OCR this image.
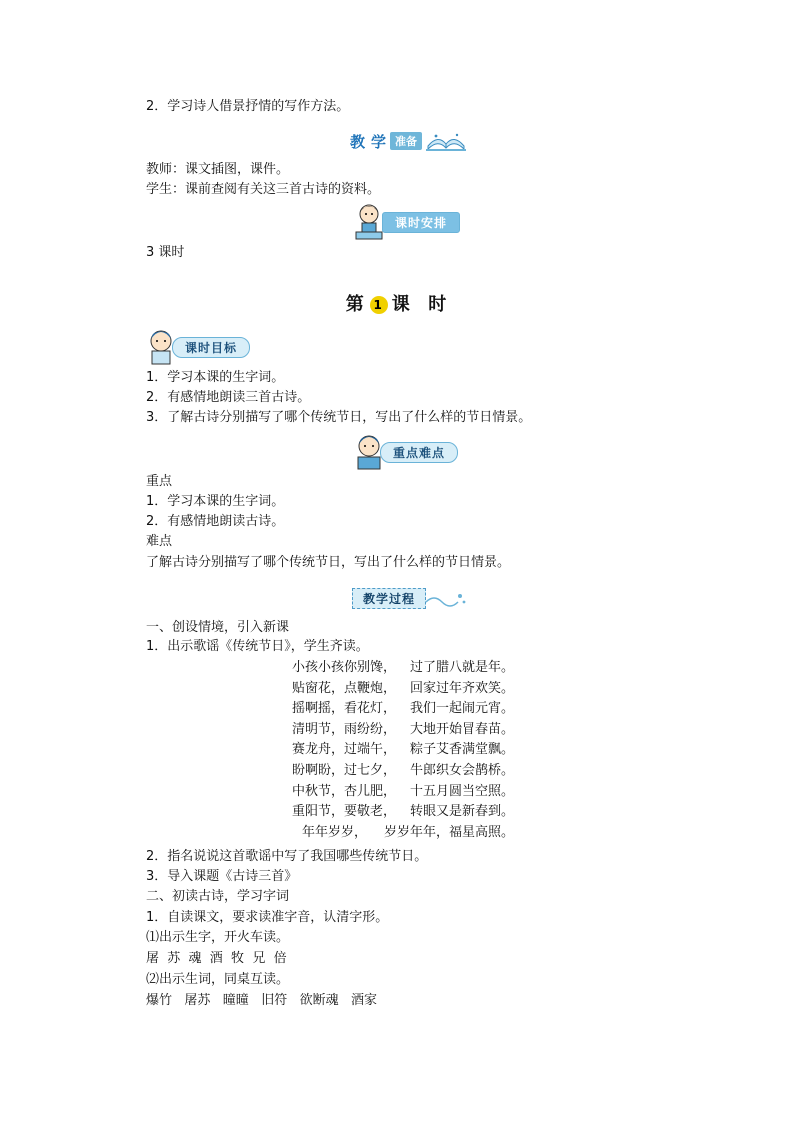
2．学习诗人借景抒情的写作方法。
教 学 准备
教师：课文插图，课件。
学生：课前查阅有关这三首古诗的资料。
课时安排
3 课时
第 1 课  时
课时目标
1．学习本课的生字词。
2．有感情地朗读三首古诗。
3．了解古诗分别描写了哪个传统节日，写出了什么样的节日情景。
重点难点
重点
1．学习本课的生字词。
2．有感情地朗读古诗。
难点
了解古诗分别描写了哪个传统节日，写出了什么样的节日情景。
教学过程
一、创设情境，引入新课
1．出示歌谣《传统节日》，学生齐读。
小孩小孩你别馋， 过了腊八就是年。
贴窗花，点鞭炮， 回家过年齐欢笑。
摇啊摇，看花灯， 我们一起闹元宵。
清明节，雨纷纷， 大地开始冒春苗。
赛龙舟，过端午， 粽子艾香满堂飘。
盼啊盼，过七夕， 牛郎织女会鹊桥。
中秋节，杏儿肥， 十五月圆当空照。
重阳节，要敬老， 转眼又是新春到。
年年岁岁， 岁岁年年，福星高照。
2．指名说说这首歌谣中写了我国哪些传统节日。
3．导入课题《古诗三首》
二、初读古诗，学习字词
1．自读课文，要求读准字音，认清字形。
⑴出示生字，开火车读。
屠  苏  魂  酒  牧  兄  倍
⑵出示生词，同桌互读。
爆竹   屠苏   曈曈   旧符   欲断魂   酒家
